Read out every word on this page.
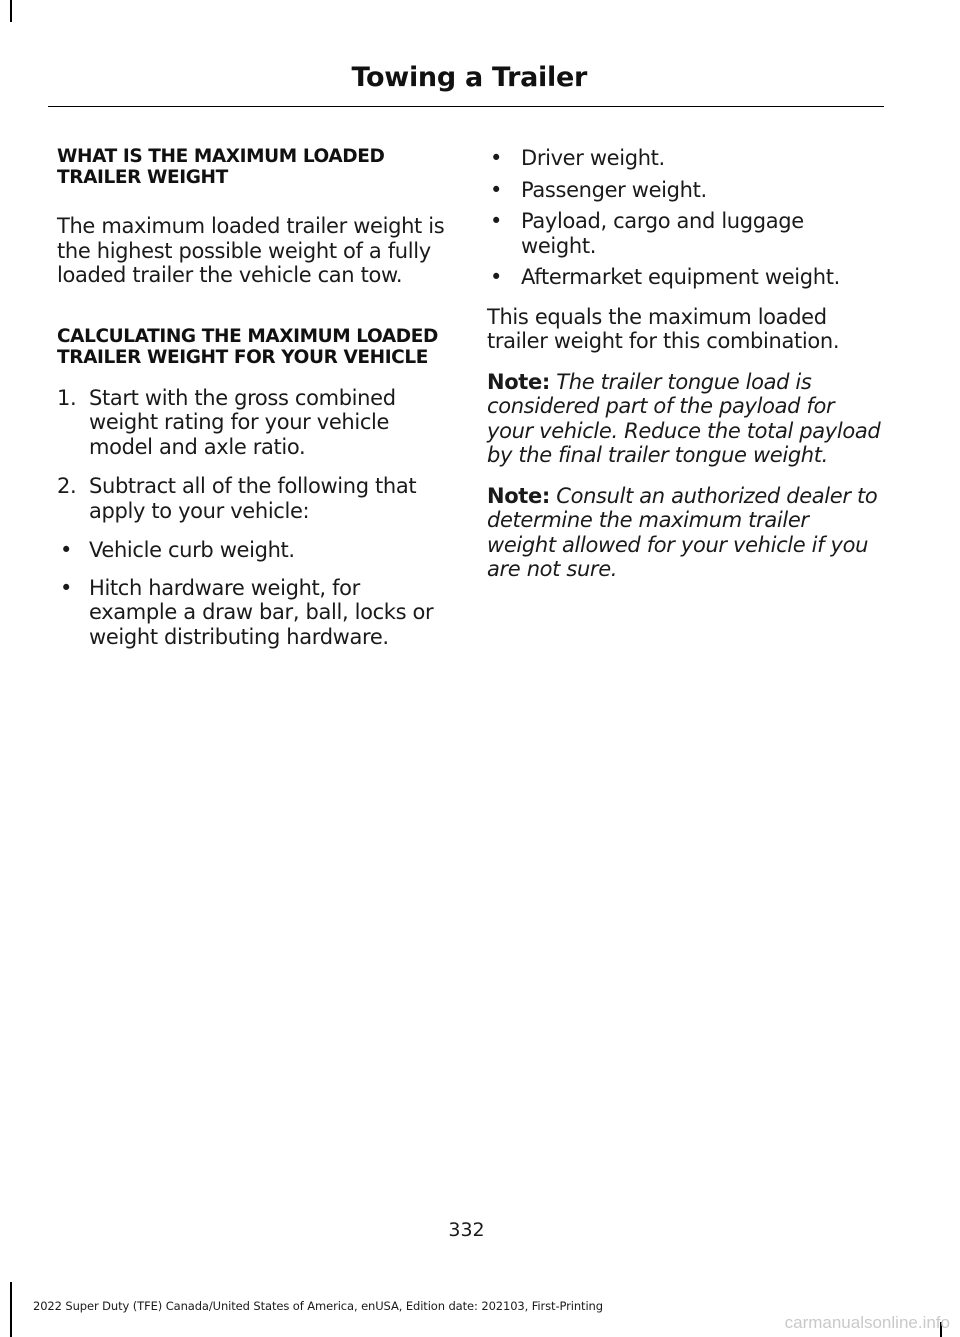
Towing a Trailer
WHAT IS THE MAXIMUM LOADED TRAILER WEIGHT

The maximum loaded trailer weight is the highest possible weight of a fully loaded trailer the vehicle can tow.

CALCULATING THE MAXIMUM LOADED TRAILER WEIGHT FOR YOUR VEHICLE
1. Start with the gross combined weight rating for your vehicle model and axle ratio.
2. Subtract all of the following that apply to your vehicle:
• Vehicle curb weight.
• Hitch hardware weight, for example a draw bar, ball, locks or weight distributing hardware.
• Driver weight.
• Passenger weight.
• Payload, cargo and luggage weight.
• Aftermarket equipment weight.

This equals the maximum loaded trailer weight for this combination.

Note: The trailer tongue load is considered part of the payload for your vehicle. Reduce the total payload by the final trailer tongue weight.
Note: Consult an authorized dealer to determine the maximum trailer weight allowed for your vehicle if you are not sure.
332
2022 Super Duty (TFE) Canada/United States of America, enUSA, Edition date: 202103, First-Printing
carmanualsonline.info
